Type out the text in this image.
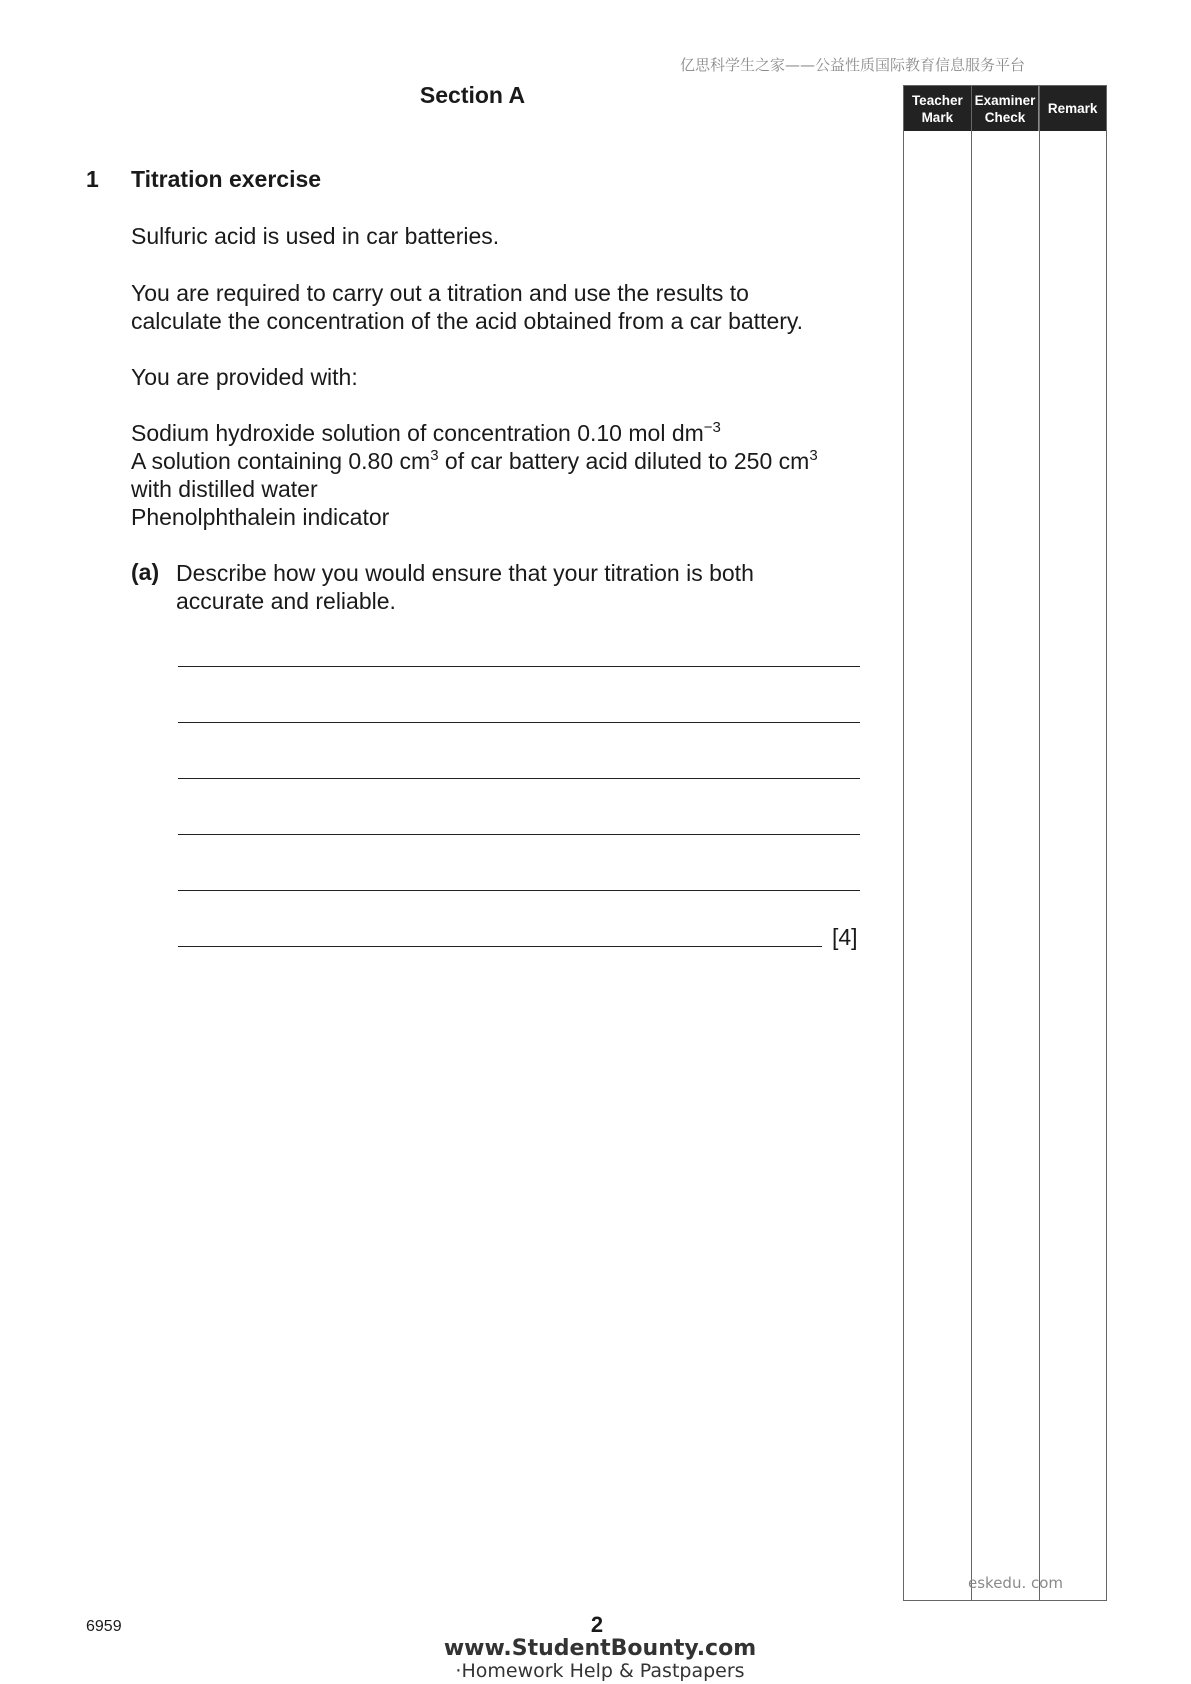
亿思科学生之家——公益性质国际教育信息服务平台
Section A
1 Titration exercise
Sulfuric acid is used in car batteries.
You are required to carry out a titration and use the results to
calculate the concentration of the acid obtained from a car battery.
You are provided with:
Sodium hydroxide solution of concentration 0.10 mol $dm^{-3}$
A solution containing 0.80 $cm^3$ of car battery acid diluted to 250 $cm^3$
with distilled water
Phenolphthalein indicator
(a) Describe how you would ensure that your titration is both
accurate and reliable.
[4]
Teacher
Mark
Examiner
Check
Remark
eskedu. com
6959	2
www.StudentBounty.com
·Homework Help & Pastpapers
